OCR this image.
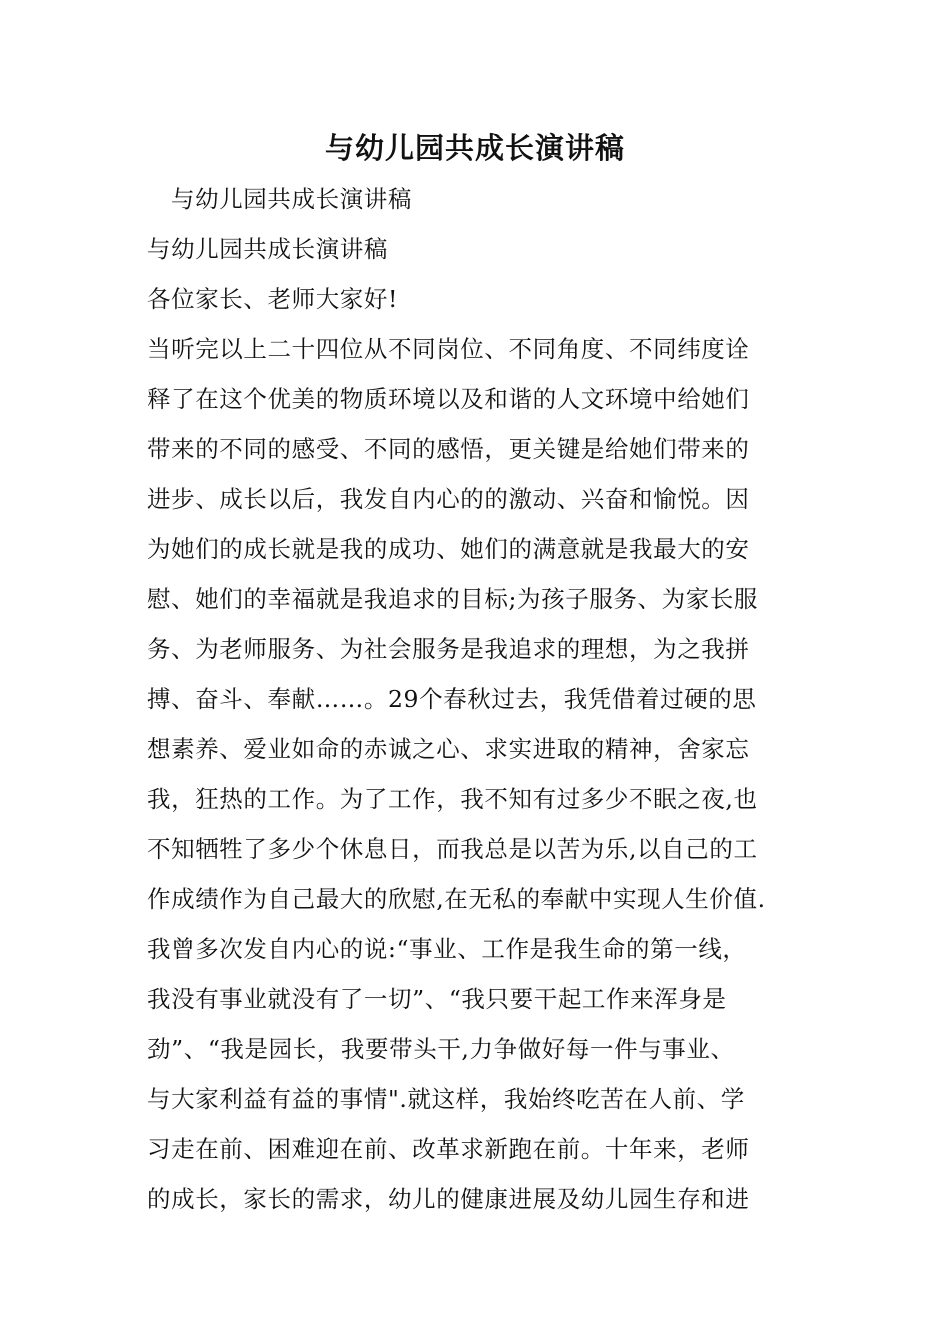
与幼儿园共成长演讲稿
与幼儿园共成长演讲稿
与幼儿园共成长演讲稿
各位家长、老师大家好!
当听完以上二十四位从不同岗位、不同角度、不同纬度诠
释了在这个优美的物质环境以及和谐的人文环境中给她们
带来的不同的感受、不同的感悟，更关键是给她们带来的
进步、成长以后，我发自内心的的激动、兴奋和愉悦。因
为她们的成长就是我的成功、她们的满意就是我最大的安
慰、她们的幸福就是我追求的目标;为孩子服务、为家长服
务、为老师服务、为社会服务是我追求的理想，为之我拼
搏、奋斗、奉献……。29个春秋过去，我凭借着过硬的思
想素养、爱业如命的赤诚之心、求实进取的精神，舍家忘
我，狂热的工作。为了工作，我不知有过多少不眠之夜,也
不知牺牲了多少个休息日，而我总是以苦为乐,以自己的工
作成绩作为自己最大的欣慰,在无私的奉献中实现人生价值.
我曾多次发自内心的说:“事业、工作是我生命的第一线，
我没有事业就没有了一切”、“我只要干起工作来浑身是
劲”、“我是园长，我要带头干,力争做好每一件与事业、
与大家利益有益的事情".就这样，我始终吃苦在人前、学
习走在前、困难迎在前、改革求新跑在前。十年来，老师
的成长，家长的需求，幼儿的健康进展及幼儿园生存和进
